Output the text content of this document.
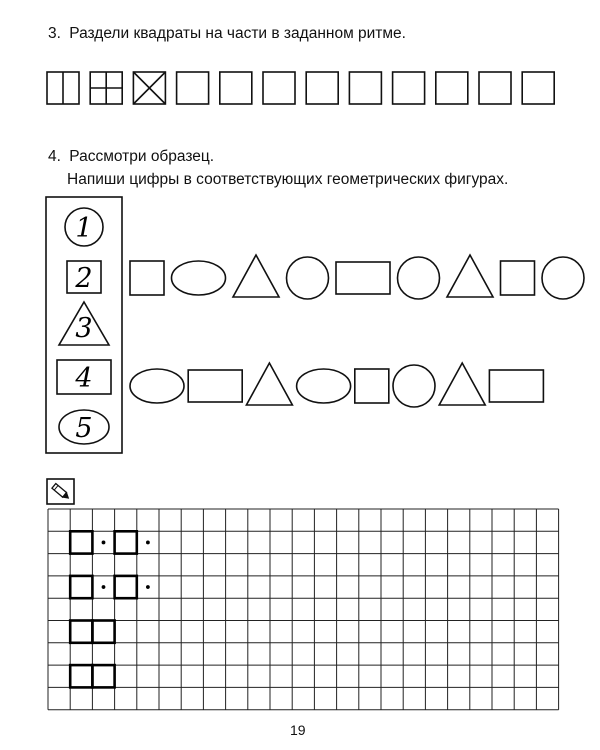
3. Раздели квадраты на части в заданном ритме.
4. Рассмотри образец.
Напиши цифры в соответствующих геометрических фигурах.
1
2
3
4
5
19
